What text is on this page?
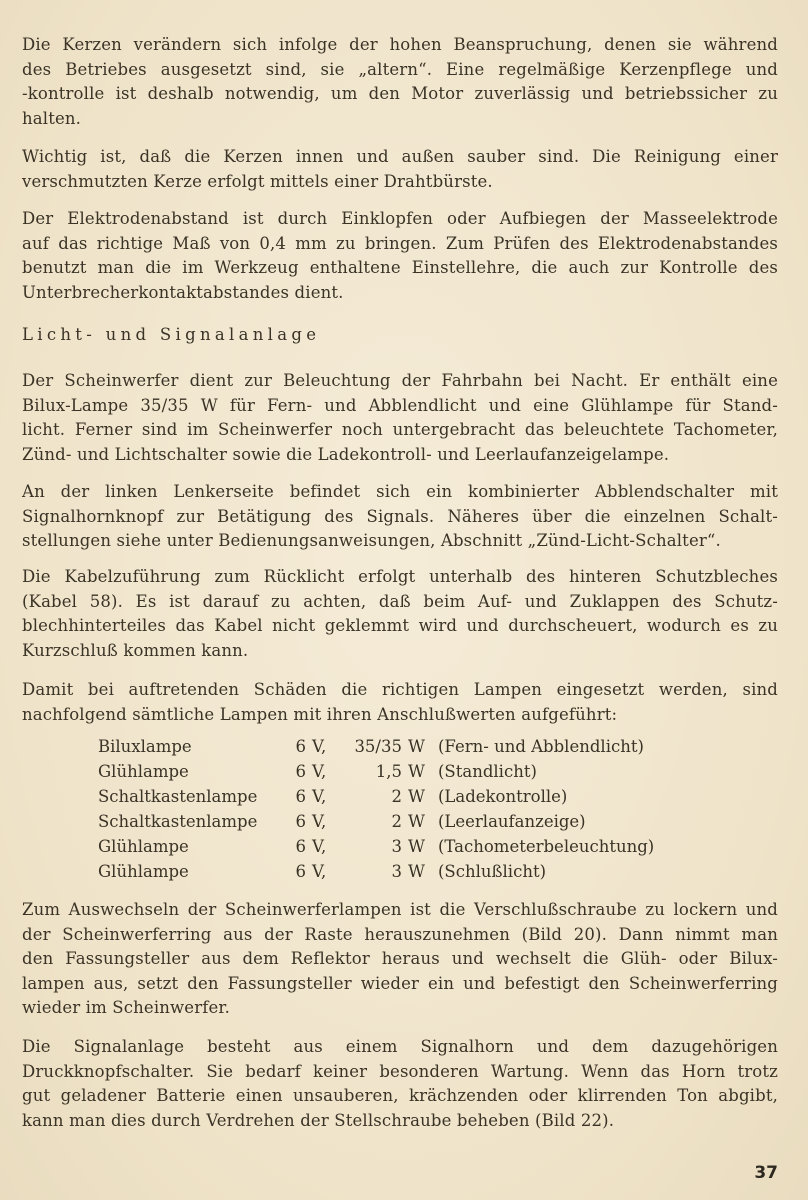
Die Kerzen verändern sich infolge der hohen Beanspruchung, denen sie während
des Betriebes ausgesetzt sind, sie „altern“. Eine regelmäßige Kerzenpflege und
-kontrolle ist deshalb notwendig, um den Motor zuverlässig und betriebssicher zu
halten.
Wichtig ist, daß die Kerzen innen und außen sauber sind. Die Reinigung einer
verschmutzten Kerze erfolgt mittels einer Drahtbürste.
Der Elektrodenabstand ist durch Einklopfen oder Aufbiegen der Masseelektrode
auf das richtige Maß von 0,4 mm zu bringen. Zum Prüfen des Elektrodenabstandes
benutzt man die im Werkzeug enthaltene Einstellehre, die auch zur Kontrolle des
Unterbrecherkontaktabstandes dient.
Licht- und Signalanlage
Der Scheinwerfer dient zur Beleuchtung der Fahrbahn bei Nacht. Er enthält eine
Bilux-Lampe 35/35 W für Fern- und Abblendlicht und eine Glühlampe für Stand-
licht. Ferner sind im Scheinwerfer noch untergebracht das beleuchtete Tachometer,
Zünd- und Lichtschalter sowie die Ladekontroll- und Leerlaufanzeigelampe.
An der linken Lenkerseite befindet sich ein kombinierter Abblendschalter mit
Signalhornknopf zur Betätigung des Signals. Näheres über die einzelnen Schalt-
stellungen siehe unter Bedienungsanweisungen, Abschnitt „Zünd-Licht-Schalter“.
Die Kabelzuführung zum Rücklicht erfolgt unterhalb des hinteren Schutzbleches
(Kabel 58). Es ist darauf zu achten, daß beim Auf- und Zuklappen des Schutz-
blechhinterteiles das Kabel nicht geklemmt wird und durchscheuert, wodurch es zu
Kurzschluß kommen kann.
Damit bei auftretenden Schäden die richtigen Lampen eingesetzt werden, sind
nachfolgend sämtliche Lampen mit ihren Anschlußwerten aufgeführt:
Biluxlampe	6	V,	35/35	W	(Fern- und Abblendlicht)
Glühlampe	6	V,	1,5	W	(Standlicht)
Schaltkastenlampe	6	V,	2	W	(Ladekontrolle)
Schaltkastenlampe	6	V,	2	W	(Leerlaufanzeige)
Glühlampe	6	V,	3	W	(Tachometerbeleuchtung)
Glühlampe	6	V,	3	W	(Schlußlicht)
Zum Auswechseln der Scheinwerferlampen ist die Verschlußschraube zu lockern und
der Scheinwerferring aus der Raste herauszunehmen (Bild 20). Dann nimmt man
den Fassungsteller aus dem Reflektor heraus und wechselt die Glüh- oder Bilux-
lampen aus, setzt den Fassungsteller wieder ein und befestigt den Scheinwerferring
wieder im Scheinwerfer.
Die Signalanlage besteht aus einem Signalhorn und dem dazugehörigen
Druckknopfschalter. Sie bedarf keiner besonderen Wartung. Wenn das Horn trotz
gut geladener Batterie einen unsauberen, krächzenden oder klirrenden Ton abgibt,
kann man dies durch Verdrehen der Stellschraube beheben (Bild 22).
37
